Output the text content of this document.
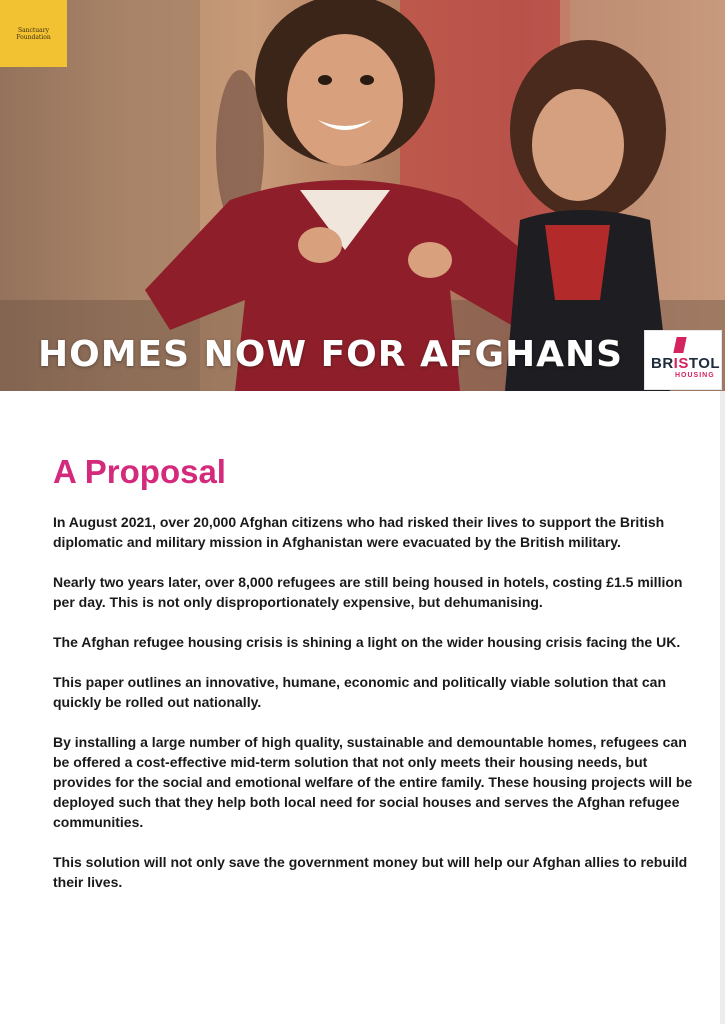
Sanctuary
Foundation
HOMES NOW FOR AFGHANS BRISTOL
HOUSING
A Proposal

In August 2021, over 20,000 Afghan citizens who had risked their lives to support the British diplomatic and military mission in Afghanistan were evacuated by the British military.

Nearly two years later, over 8,000 refugees are still being housed in hotels, costing £1.5 million per day. This is not only disproportionately expensive, but dehumanising.

The Afghan refugee housing crisis is shining a light on the wider housing crisis facing the UK.

This paper outlines an innovative, humane, economic and politically viable solution that can quickly be rolled out nationally.

By installing a large number of high quality, sustainable and demountable homes, refugees can be offered a cost-effective mid-term solution that not only meets their housing needs, but provides for the social and emotional welfare of the entire family. These housing projects will be deployed such that they help both local need for social houses and serves the Afghan refugee communities.

This solution will not only save the government money but will help our Afghan allies to rebuild their lives.
